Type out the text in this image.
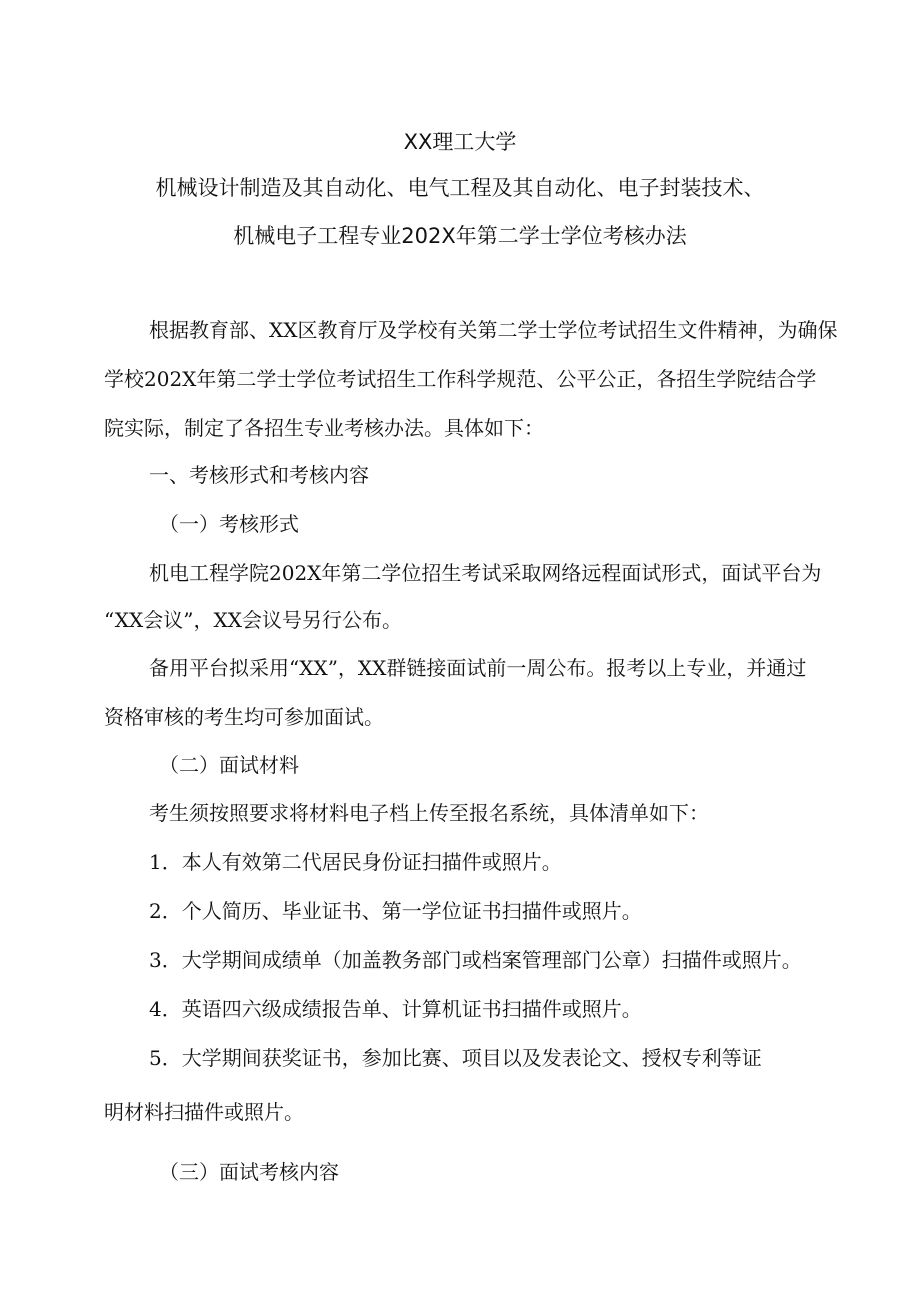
XX理工大学
机械设计制造及其自动化、电气工程及其自动化、电子封装技术、
机械电子工程专业202X年第二学士学位考核办法
根据教育部、XX区教育厅及学校有关第二学士学位考试招生文件精神，为确保
学校202X年第二学士学位考试招生工作科学规范、公平公正，各招生学院结合学
院实际，制定了各招生专业考核办法。具体如下：
一、考核形式和考核内容
（一）考核形式
机电工程学院202X年第二学位招生考试采取网络远程面试形式，面试平台为
“XX会议”，XX会议号另行公布。
备用平台拟采用“XX”，XX群链接面试前一周公布。报考以上专业，并通过
资格审核的考生均可参加面试。
（二）面试材料
考生须按照要求将材料电子档上传至报名系统，具体清单如下：
1．本人有效第二代居民身份证扫描件或照片。
2．个人简历、毕业证书、第一学位证书扫描件或照片。
3．大学期间成绩单（加盖教务部门或档案管理部门公章）扫描件或照片。
4．英语四六级成绩报告单、计算机证书扫描件或照片。
5．大学期间获奖证书，参加比赛、项目以及发表论文、授权专利等证
明材料扫描件或照片。
（三）面试考核内容
